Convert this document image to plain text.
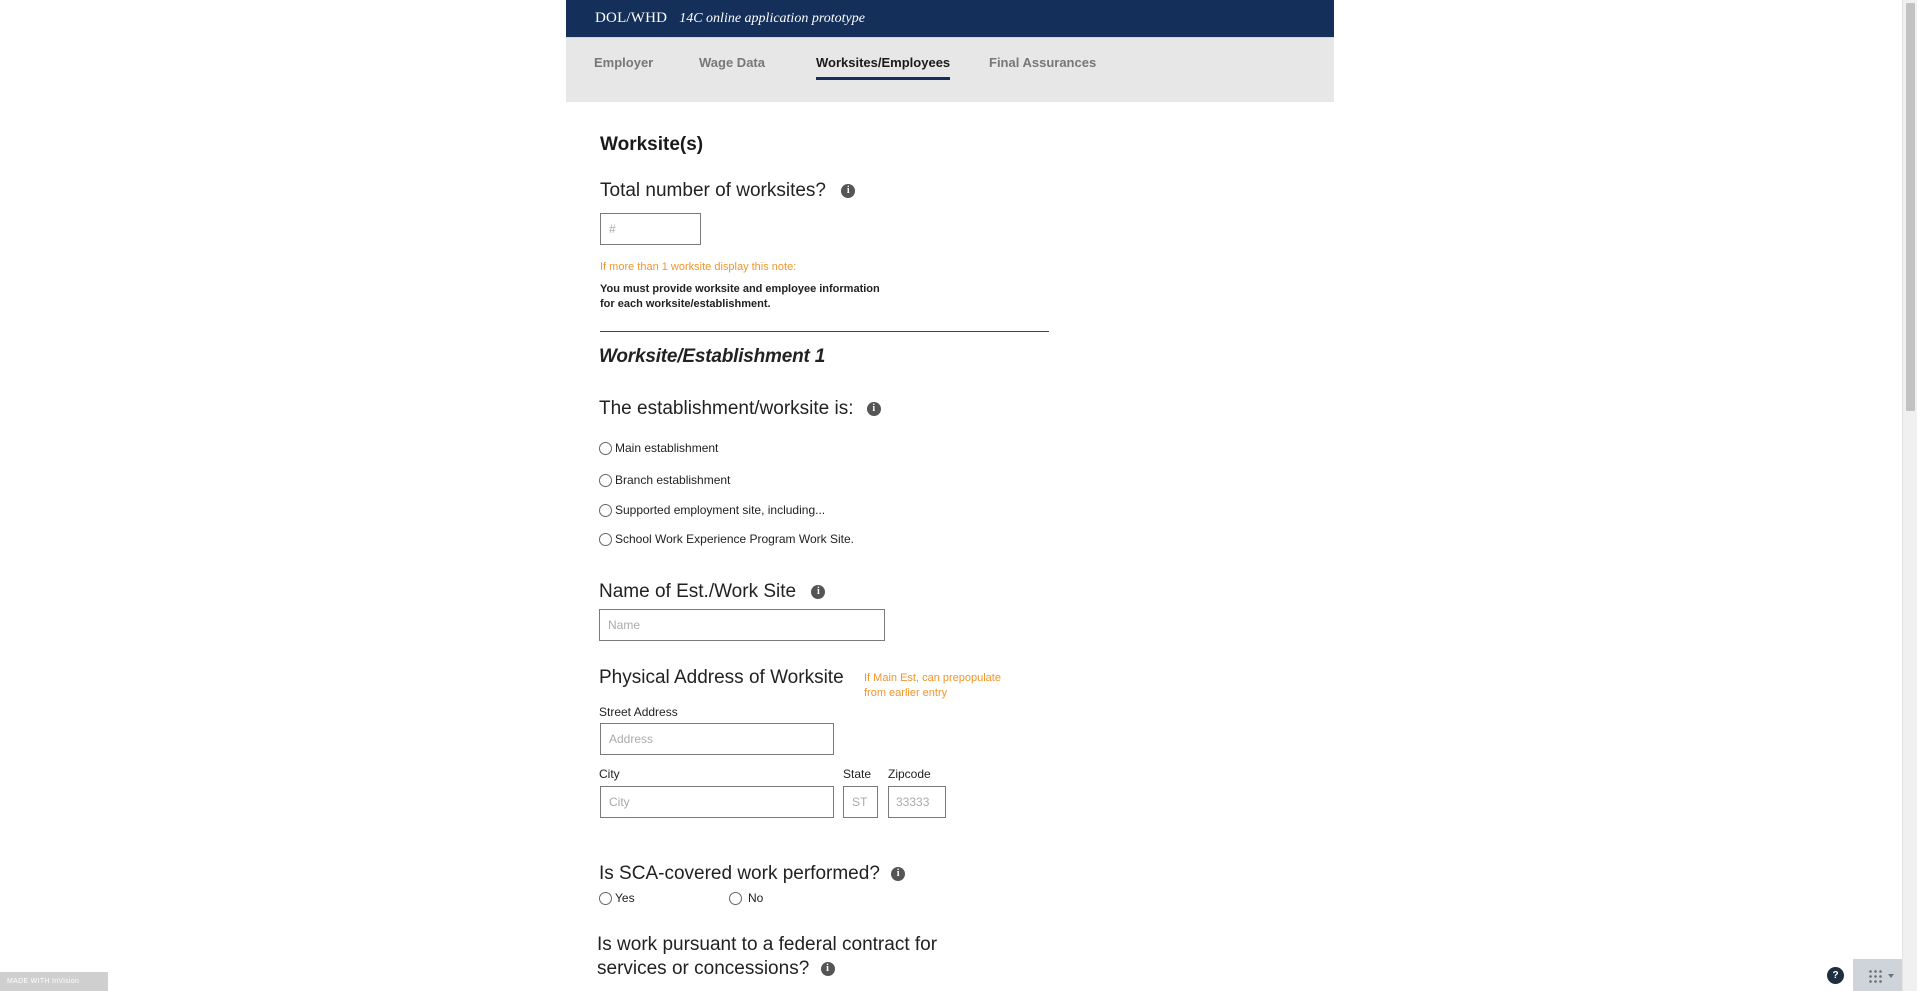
DOL/WHD 14C online application prototype
Employer	Wage Data	Worksites/Employees	Final Assurances
Worksite(s)
Total number of worksites? i
#
If more than 1 worksite display this note:
You must provide worksite and employee information
for each worksite/establishment.
Worksite/Establishment 1
The establishment/worksite is: i
Main establishment
Branch establishment
Supported employment site, including...
School Work Experience Program Work Site.
Name of Est./Work Site i
Name
Physical Address of Worksite If Main Est, can prepopulate
from earlier entry
Street Address
Address
City
City
State
ST
Zipcode
33333
Is SCA-covered work performed? i
Yes	No
Is work pursuant to a federal contract for
services or concessions? i
MADE WITH InVision
?
